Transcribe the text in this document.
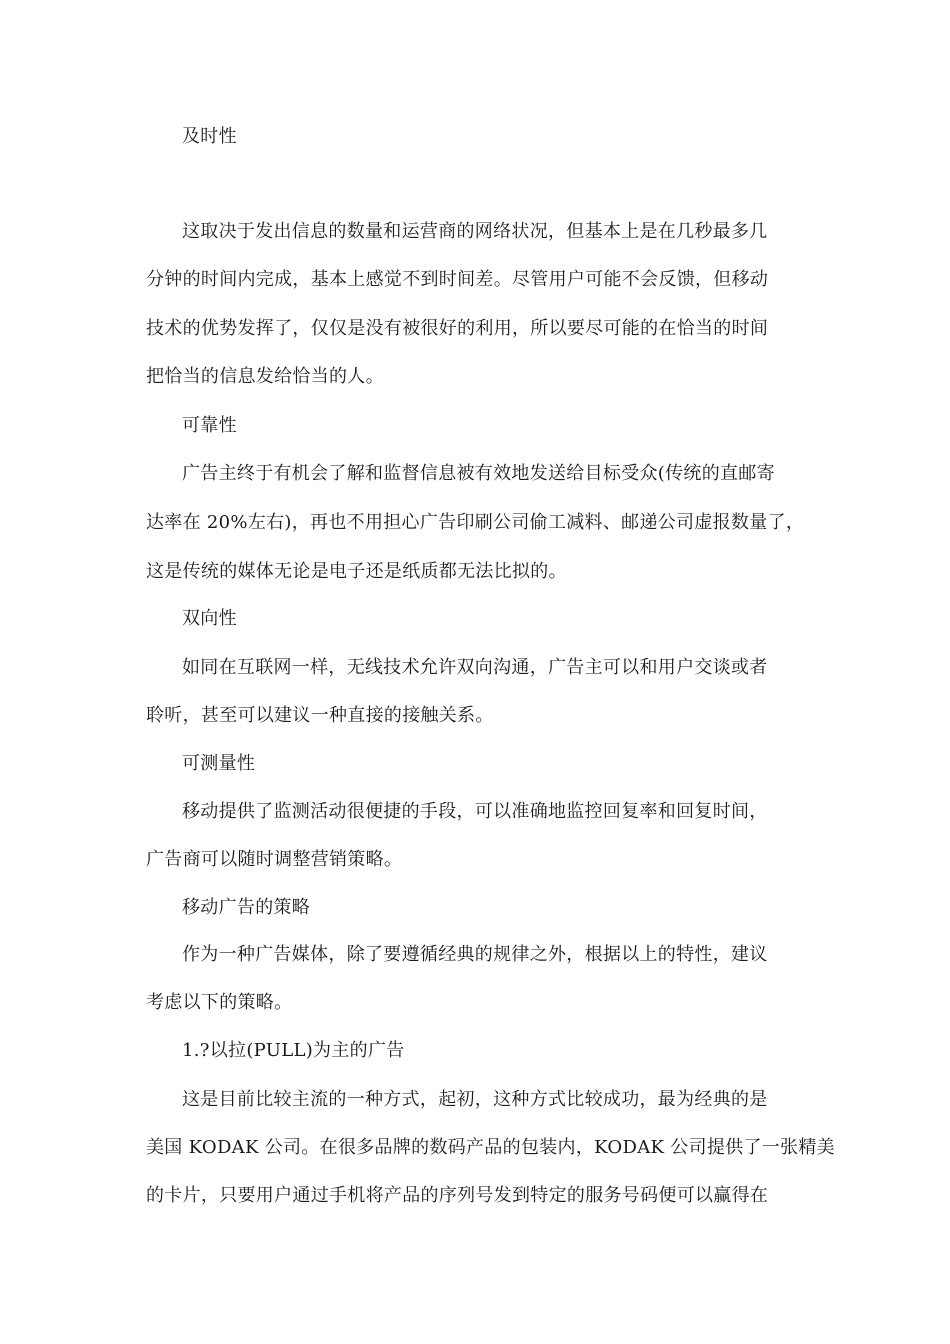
及时性
这取决于发出信息的数量和运营商的网络状况，但基本上是在几秒最多几
分钟的时间内完成，基本上感觉不到时间差。尽管用户可能不会反馈，但移动
技术的优势发挥了，仅仅是没有被很好的利用，所以要尽可能的在恰当的时间
把恰当的信息发给恰当的人。
可靠性
广告主终于有机会了解和监督信息被有效地发送给目标受众(传统的直邮寄
达率在 20%左右)，再也不用担心广告印刷公司偷工减料、邮递公司虚报数量了，
这是传统的媒体无论是电子还是纸质都无法比拟的。
双向性
如同在互联网一样，无线技术允许双向沟通，广告主可以和用户交谈或者
聆听，甚至可以建议一种直接的接触关系。
可测量性
移动提供了监测活动很便捷的手段，可以准确地监控回复率和回复时间，
广告商可以随时调整营销策略。
移动广告的策略
作为一种广告媒体，除了要遵循经典的规律之外，根据以上的特性，建议
考虑以下的策略。
1.?以拉(PULL)为主的广告
这是目前比较主流的一种方式，起初，这种方式比较成功，最为经典的是
美国 KODAK 公司。在很多品牌的数码产品的包装内，KODAK 公司提供了一张精美
的卡片，只要用户通过手机将产品的序列号发到特定的服务号码便可以赢得在
